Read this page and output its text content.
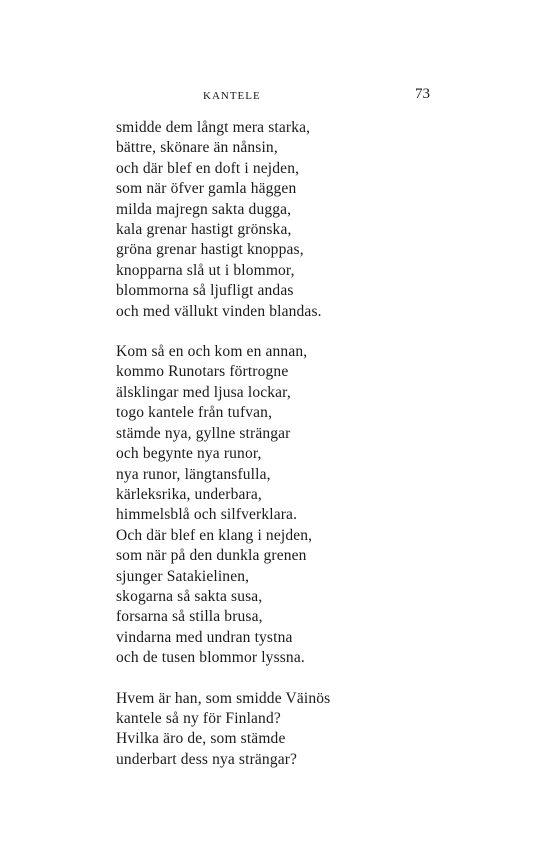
KANTELE	73
smidde dem långt mera starka,
bättre, skönare än nånsin,
och där blef en doft i nejden,
som när öfver gamla häggen
milda majregn sakta dugga,
kala grenar hastigt grönska,
gröna grenar hastigt knoppas,
knopparna slå ut i blommor,
blommorna så ljufligt andas
och med vällukt vinden blandas.
Kom så en och kom en annan,
kommo Runotars förtrogne
älsklingar med ljusa lockar,
togo kantele från tufvan,
stämde nya, gyllne strängar
och begynte nya runor,
nya runor, längtansfulla,
kärleksrika, underbara,
himmelsblå och silfverklara.
Och där blef en klang i nejden,
som när på den dunkla grenen
sjunger Satakielinen,
skogarna så sakta susa,
forsarna så stilla brusa,
vindarna med undran tystna
och de tusen blommor lyssna.
Hvem är han, som smidde Väinös
kantele så ny för Finland?
Hvilka äro de, som stämde
underbart dess nya strängar?
